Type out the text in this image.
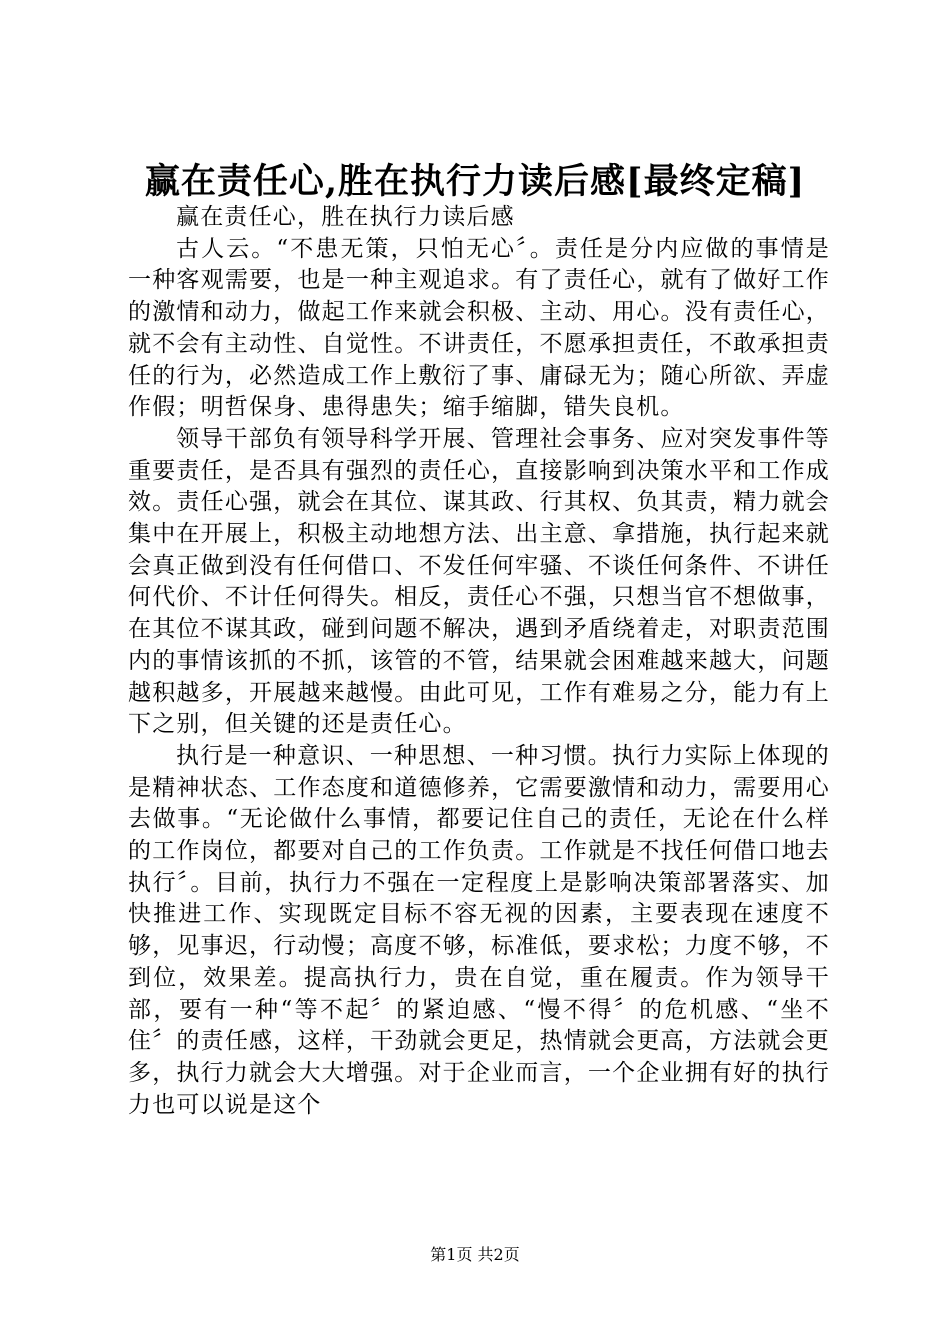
赢在责任心,胜在执行力读后感[最终定稿]

赢在责任心，胜在执行力读后感

古人云。“不患无策，只怕无心〞。责任是分内应做的事情是一种客观需要，也是一种主观追求。有了责任心，就有了做好工作的激情和动力，做起工作来就会积极、主动、用心。没有责任心，就不会有主动性、自觉性。不讲责任，不愿承担责任，不敢承担责任的行为，必然造成工作上敷衍了事、庸碌无为；随心所欲、弄虚作假；明哲保身、患得患失；缩手缩脚，错失良机。

领导干部负有领导科学开展、管理社会事务、应对突发事件等重要责任，是否具有强烈的责任心，直接影响到决策水平和工作成效。责任心强，就会在其位、谋其政、行其权、负其责，精力就会集中在开展上，积极主动地想方法、出主意、拿措施，执行起来就会真正做到没有任何借口、不发任何牢骚、不谈任何条件、不讲任何代价、不计任何得失。相反，责任心不强，只想当官不想做事，在其位不谋其政，碰到问题不解决，遇到矛盾绕着走，对职责范围内的事情该抓的不抓，该管的不管，结果就会困难越来越大，问题越积越多，开展越来越慢。由此可见，工作有难易之分，能力有上下之别，但关键的还是责任心。

执行是一种意识、一种思想、一种习惯。执行力实际上体现的是精神状态、工作态度和道德修养，它需要激情和动力，需要用心去做事。“无论做什么事情，都要记住自己的责任，无论在什么样的工作岗位，都要对自己的工作负责。工作就是不找任何借口地去执行〞。目前，执行力不强在一定程度上是影响决策部署落实、加快推进工作、实现既定目标不容无视的因素，主要表现在速度不够，见事迟，行动慢；高度不够，标准低，要求松；力度不够，不到位，效果差。提高执行力，贵在自觉，重在履责。作为领导干部，要有一种“等不起〞的紧迫感、“慢不得〞的危机感、“坐不住〞的责任感，这样，干劲就会更足，热情就会更高，方法就会更多，执行力就会大大增强。对于企业而言，一个企业拥有好的执行力也可以说是这个

第1页 共2页
